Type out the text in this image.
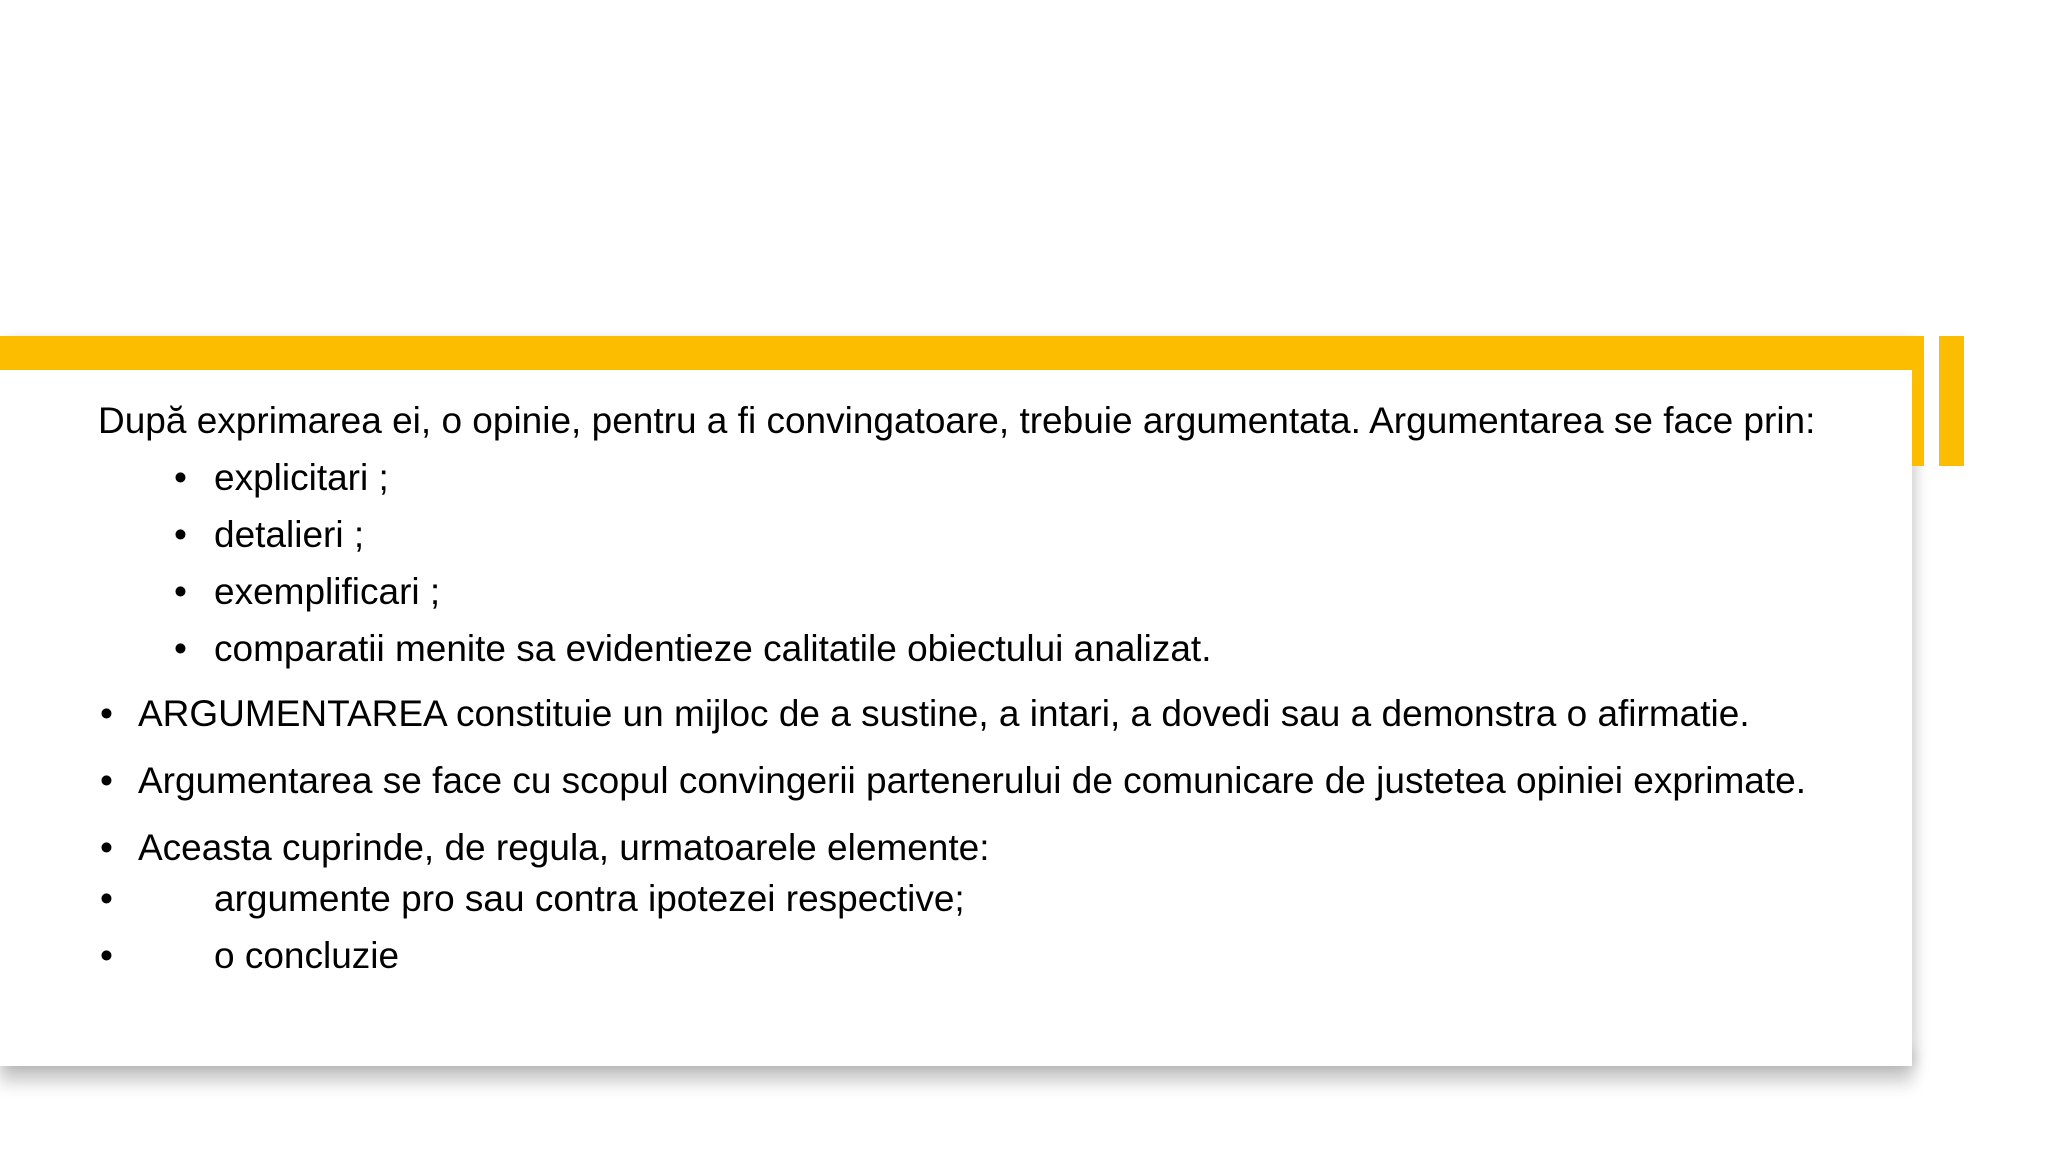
După exprimarea ei, o opinie, pentru a fi convingatoare, trebuie argumentata. Argumentarea se face prin:

• explicitari ;
• detalieri ;
• exemplificari ;
• comparatii menite sa evidentieze calitatile obiectului analizat.
• ARGUMENTAREA constituie un mijloc de a sustine, a intari, a dovedi sau a demonstra o afirmatie.
• Argumentarea se face cu scopul convingerii partenerului de comunicare de justetea opiniei exprimate.
• Aceasta cuprinde, de regula, urmatoarele elemente:
•	argumente pro sau contra ipotezei respective;
•	o concluzie
